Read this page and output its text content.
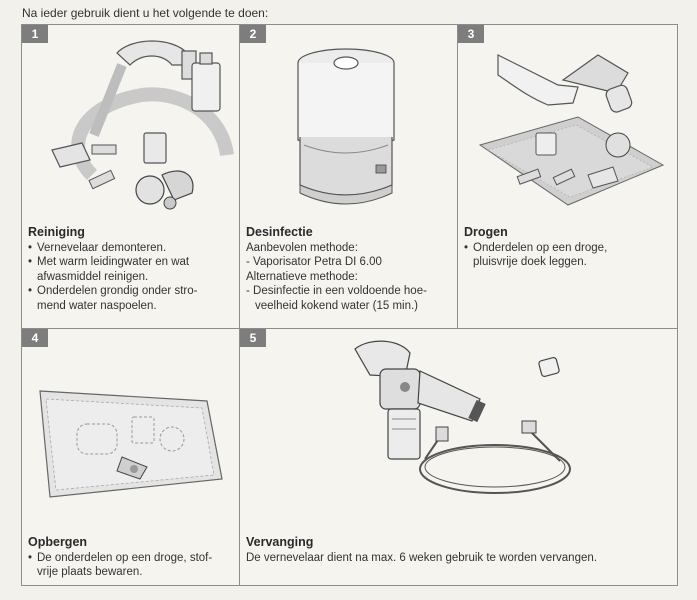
Na ieder gebruik dient u het volgende te doen:
1
Reiniging
• Vernevelaar demonteren.
• Met warm leidingwater en wat
afwasmiddel reinigen.
• Onderdelen grondig onder stro-
mend water naspoelen.
2
Desinfectie
Aanbevolen methode:
- Vaporisator Petra DI 6.00
Alternatieve methode:
- Desinfectie in een voldoende hoe-
veelheid kokend water (15 min.)
3
Drogen
• Onderdelen op een droge,
pluisvrije doek leggen.
4
Opbergen
• De onderdelen op een droge, stof-
vrije plaats bewaren.
5
Vervanging
De vernevelaar dient na max. 6 weken gebruik te worden vervangen.
